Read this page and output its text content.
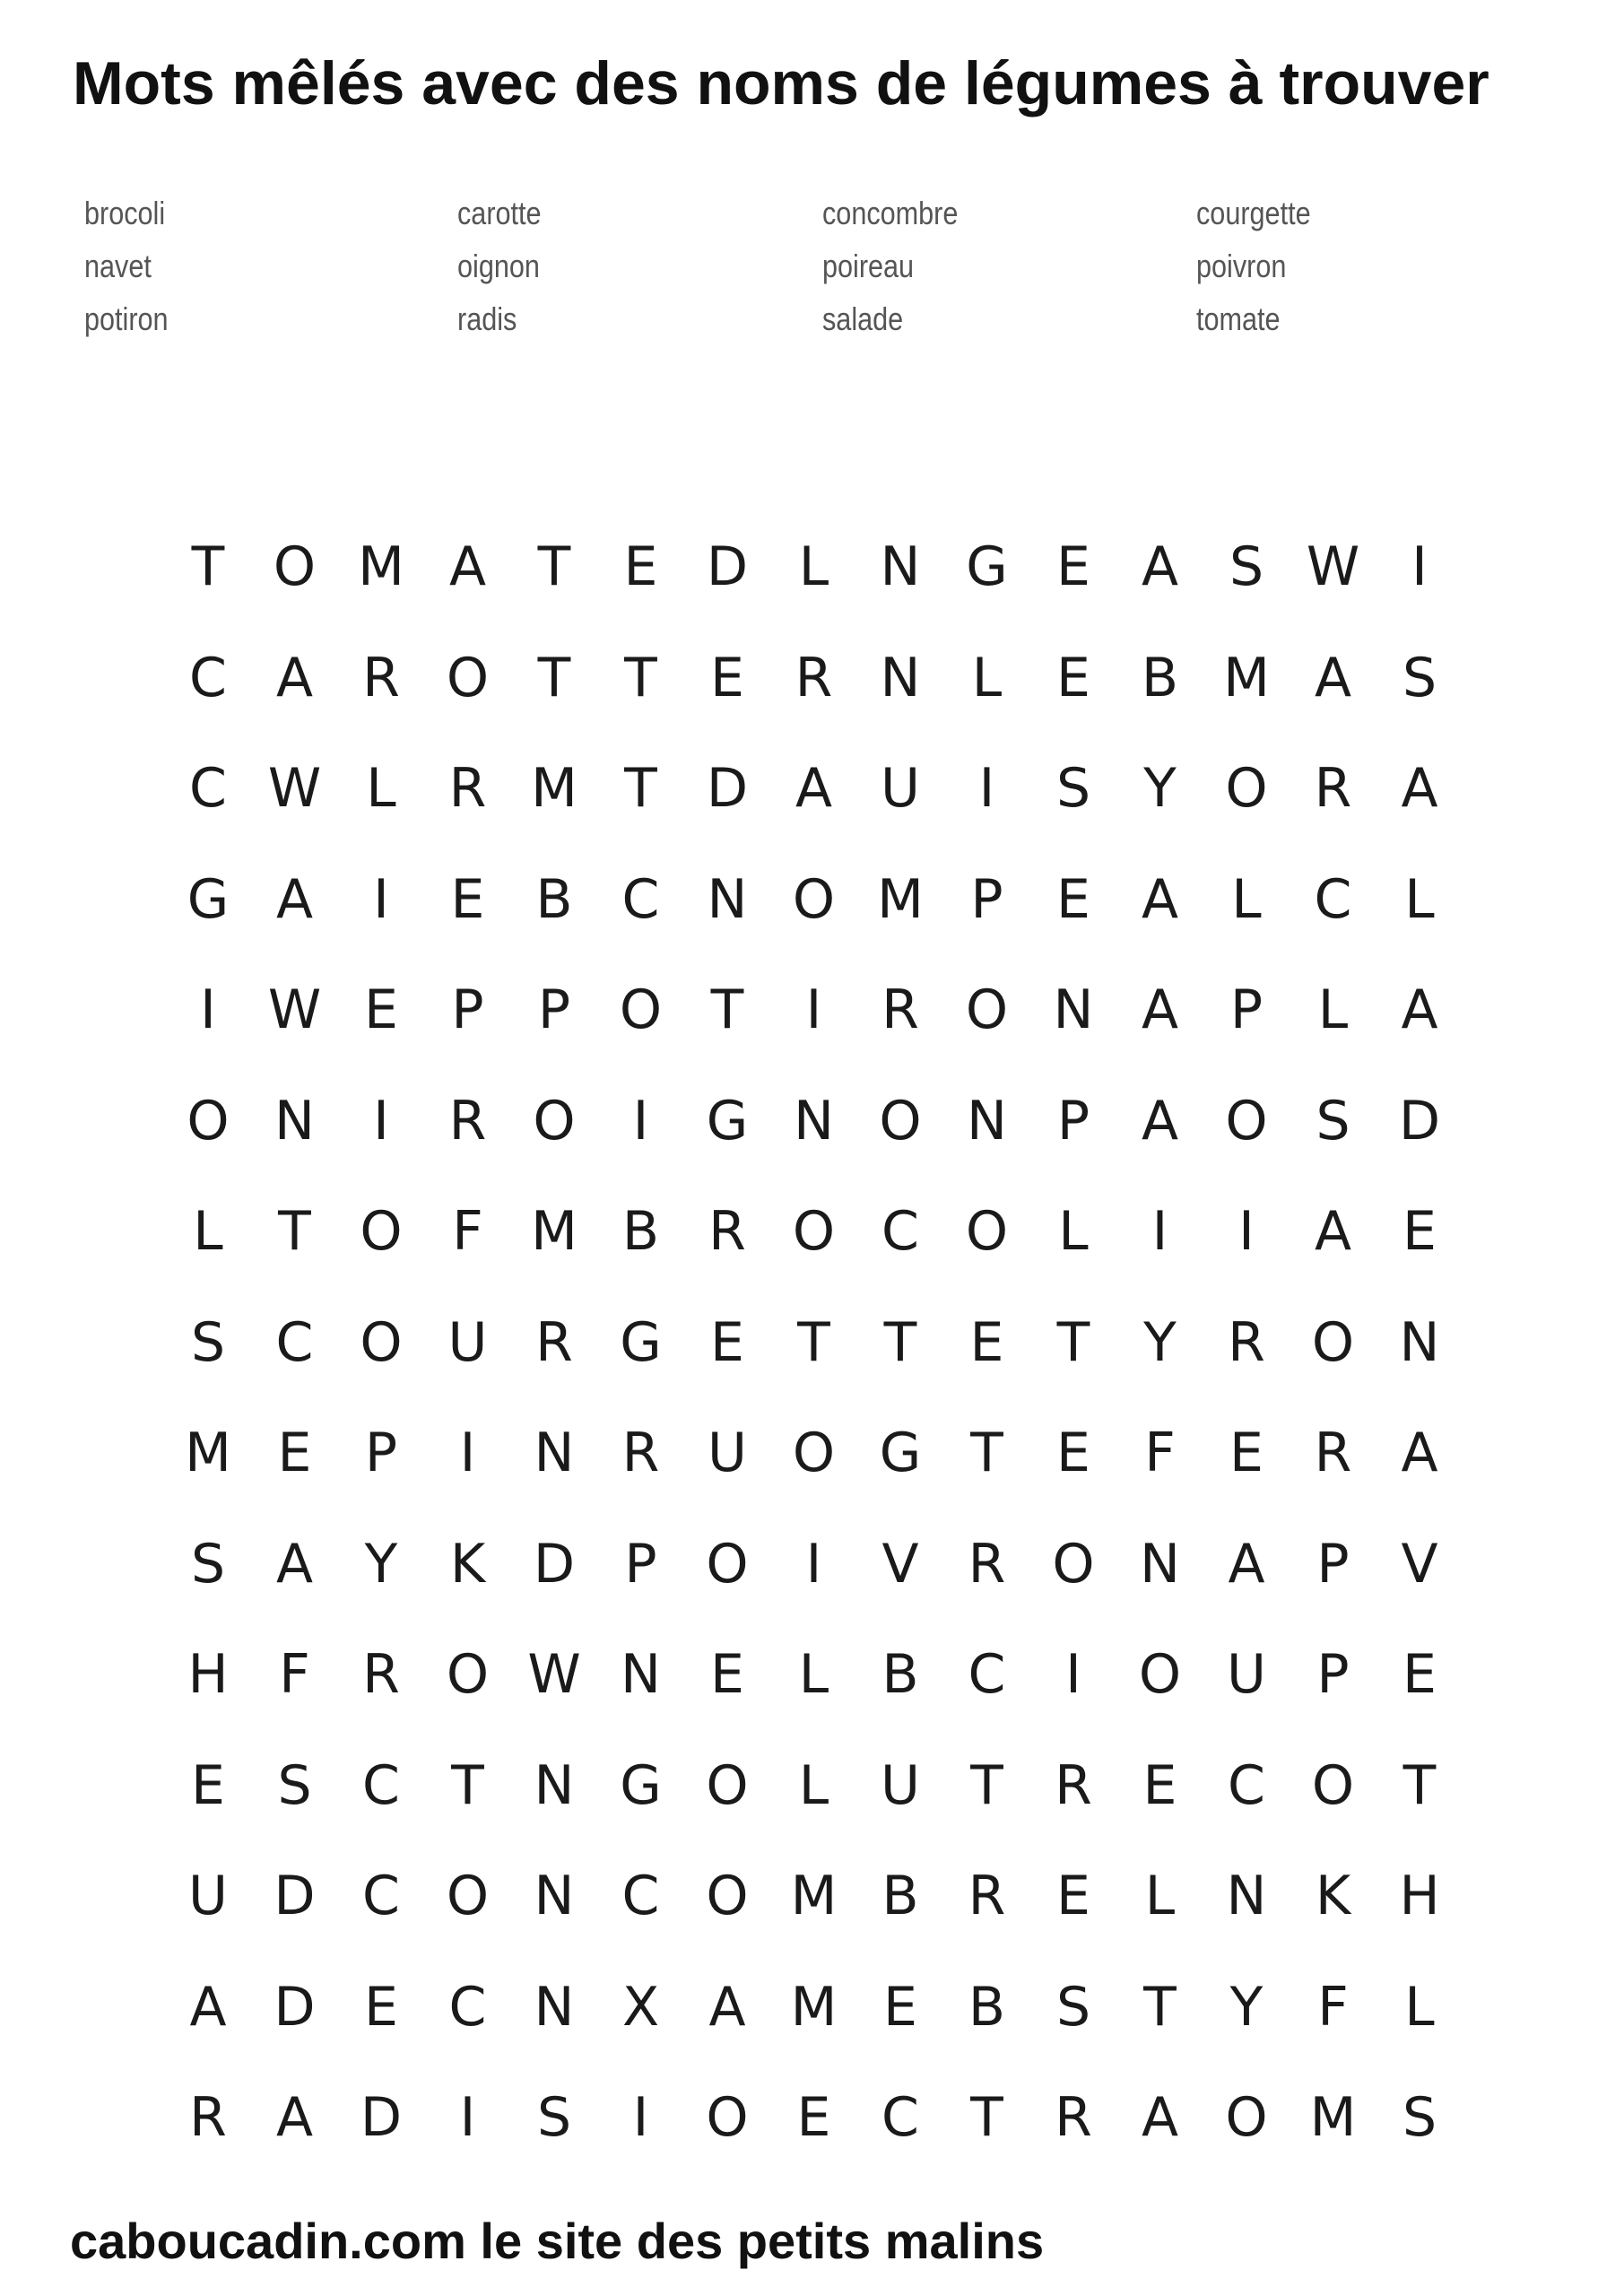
Mots mêlés avec des noms de légumes à trouver
brocoli	carotte	concombre	courgette
navet	oignon	poireau	poivron
potiron	radis	salade	tomate
T O M A T E D L N G E A S W I
C A R O T T E R N L	E B M A S
C W L R M T D A U	I	S Y O R A
G A	I	E B C N O M P E A L C L
I W E P	P O T	I	R O N A P	L A
O N	I	R O	I	G N O N P A O S D
L	T O F M B R O C O L	I	I	A E
S C O U R G E T T E T Y R O N
M E P	I	N R U O G T E	F	E R A
S A Y K D P O	I	V R O N A P V
H F R O W N E	L B C	I	O U P E
E S C T N G O L U T R E C O T
U D C O N C O M B R E	L N K H
A D E C N X A M E B S T Y	F	L
R A D	I	S	I	O E C T R A O M S

caboucadin.com le site des petits malins
